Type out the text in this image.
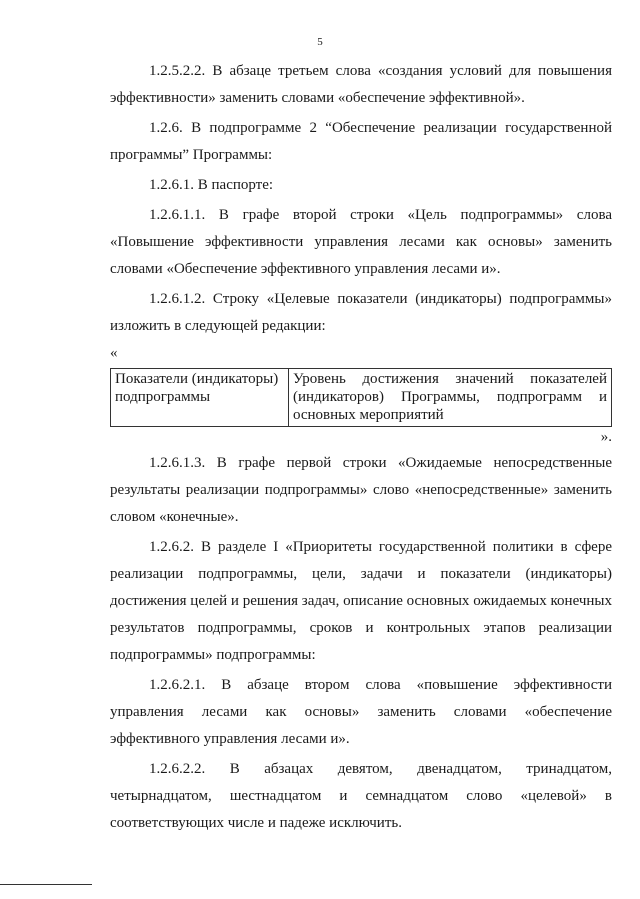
5

1.2.5.2.2. В абзаце третьем слова «создания условий для повышения эффективности» заменить словами «обеспечение эффективной».

1.2.6. В подпрограмме 2 “Обеспечение реализации государственной программы” Программы:

1.2.6.1. В паспорте:

1.2.6.1.1. В графе второй строки «Цель подпрограммы» слова «Повышение эффективности управления лесами как основы» заменить словами «Обеспечение эффективного управления лесами и».

1.2.6.1.2. Строку «Целевые показатели (индикаторы) подпрограммы» изложить в следующей редакции:

«

Показатели (индикаторы) подпрограммы	Уровень достижения значений показателей (индикаторов) Программы, подпрограмм и основных мероприятий

».

1.2.6.1.3. В графе первой строки «Ожидаемые непосредственные результаты реализации подпрограммы» слово «непосредственные» заменить словом «конечные».

1.2.6.2. В разделе I «Приоритеты государственной политики в сфере реализации подпрограммы, цели, задачи и показатели (индикаторы) достижения целей и решения задач, описание основных ожидаемых конечных результатов подпрограммы, сроков и контрольных этапов реализации подпрограммы» подпрограммы:

1.2.6.2.1. В абзаце втором слова «повышение эффективности управления лесами как основы» заменить словами «обеспечение эффективного управления лесами и».

1.2.6.2.2. В абзацах девятом, двенадцатом, тринадцатом, четырнадцатом, шестнадцатом и семнадцатом слово «целевой» в соответствующих числе и падеже исключить.
